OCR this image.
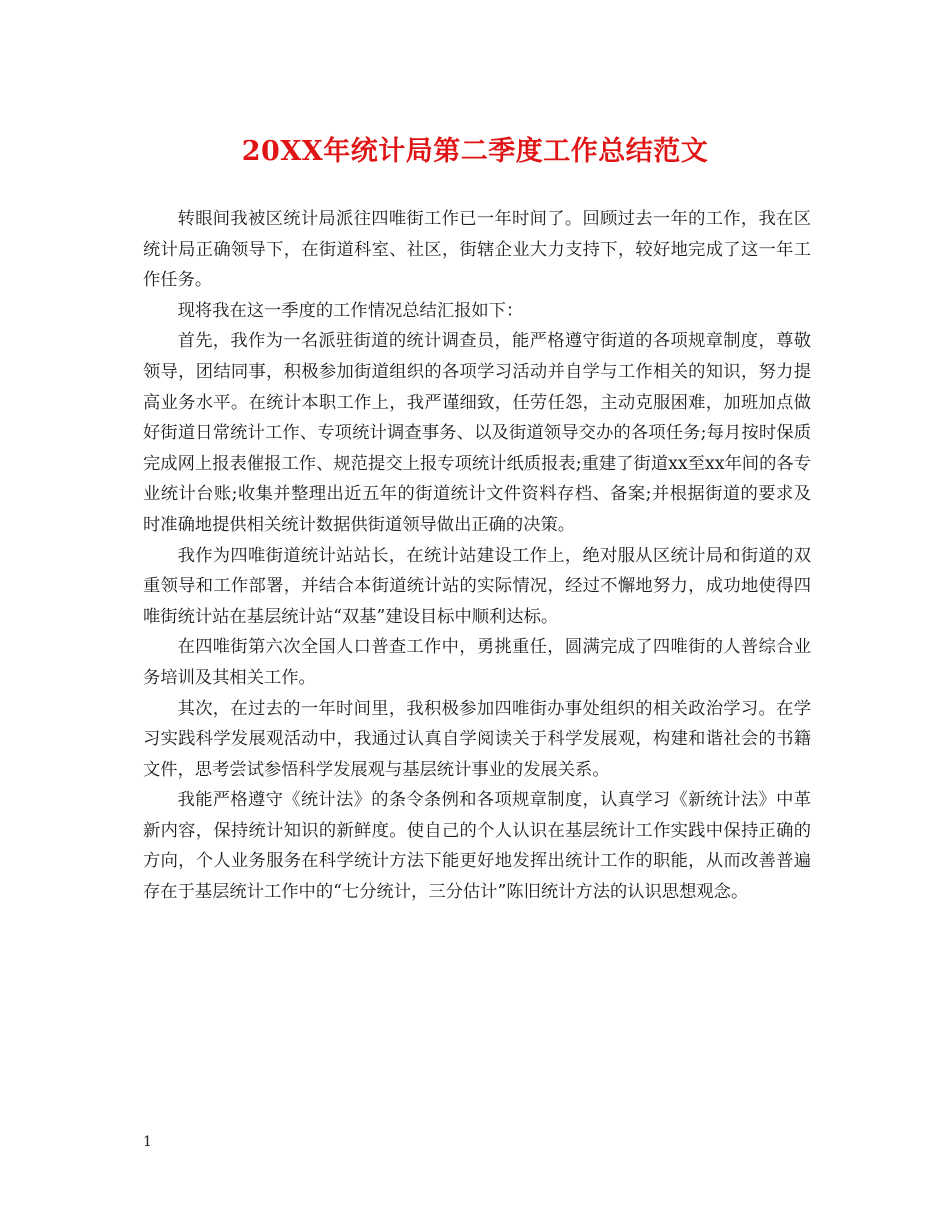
20XX年统计局第二季度工作总结范文

转眼间我被区统计局派往四唯街工作已一年时间了。回顾过去一年的工作，我在区统计局正确领导下，在街道科室、社区，街辖企业大力支持下，较好地完成了这一年工作任务。

现将我在这一季度的工作情况总结汇报如下：

首先，我作为一名派驻街道的统计调查员，能严格遵守街道的各项规章制度，尊敬领导，团结同事，积极参加街道组织的各项学习活动并自学与工作相关的知识，努力提高业务水平。在统计本职工作上，我严谨细致，任劳任怨，主动克服困难，加班加点做好街道日常统计工作、专项统计调查事务、以及街道领导交办的各项任务;每月按时保质完成网上报表催报工作、规范提交上报专项统计纸质报表;重建了街道xx至xx年间的各专业统计台账;收集并整理出近五年的街道统计文件资料存档、备案;并根据街道的要求及时准确地提供相关统计数据供街道领导做出正确的决策。

我作为四唯街道统计站站长，在统计站建设工作上，绝对服从区统计局和街道的双重领导和工作部署，并结合本街道统计站的实际情况，经过不懈地努力，成功地使得四唯街统计站在基层统计站“双基”建设目标中顺利达标。

在四唯街第六次全国人口普查工作中，勇挑重任，圆满完成了四唯街的人普综合业务培训及其相关工作。

其次，在过去的一年时间里，我积极参加四唯街办事处组织的相关政治学习。在学习实践科学发展观活动中，我通过认真自学阅读关于科学发展观，构建和谐社会的书籍文件，思考尝试参悟科学发展观与基层统计事业的发展关系。

我能严格遵守《统计法》的条令条例和各项规章制度，认真学习《新统计法》中革新内容，保持统计知识的新鲜度。使自己的个人认识在基层统计工作实践中保持正确的方向，个人业务服务在科学统计方法下能更好地发挥出统计工作的职能，从而改善普遍存在于基层统计工作中的“七分统计，三分估计”陈旧统计方法的认识思想观念。

1
